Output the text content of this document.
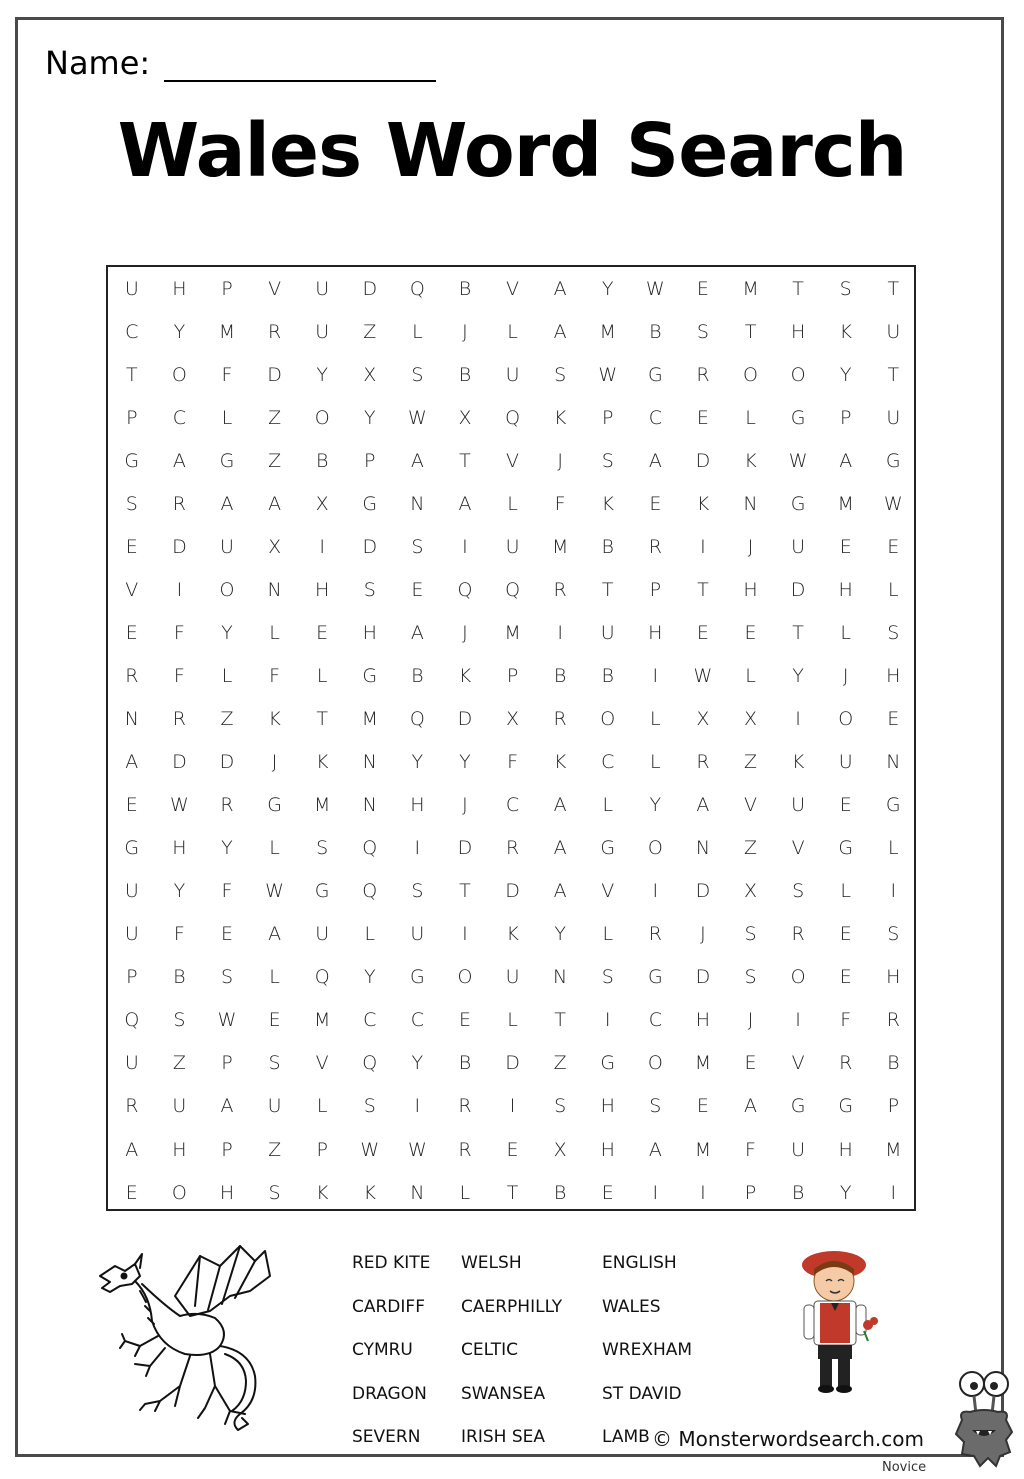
Name:
Wales Word Search
U	H	P	V	U	D	Q	B	V	A	Y	W	E	M	T	S	T
C	Y	M	R	U	Z	L	J	L	A	M	B	S	T	H	K	U
T	O	F	D	Y	X	S	B	U	S	W	G	R	O	O	Y	T
P	C	L	Z	O	Y	W	X	Q	K	P	C	E	L	G	P	U
G	A	G	Z	B	P	A	T	V	J	S	A	D	K	W	A	G
S	R	A	A	X	G	N	A	L	F	K	E	K	N	G	M	W
E	D	U	X	I	D	S	I	U	M	B	R	I	J	U	E	E
V	I	O	N	H	S	E	Q	Q	R	T	P	T	H	D	H	L
E	F	Y	L	E	H	A	J	M	I	U	H	E	E	T	L	S
R	F	L	F	L	G	B	K	P	B	B	I	W	L	Y	J	H
N	R	Z	K	T	M	Q	D	X	R	O	L	X	X	I	O	E
A	D	D	J	K	N	Y	Y	F	K	C	L	R	Z	K	U	N
E	W	R	G	M	N	H	J	C	A	L	Y	A	V	U	E	G
G	H	Y	L	S	Q	I	D	R	A	G	O	N	Z	V	G	L
U	Y	F	W	G	Q	S	T	D	A	V	I	D	X	S	L	I
U	F	E	A	U	L	U	I	K	Y	L	R	J	S	R	E	S
P	B	S	L	Q	Y	G	O	U	N	S	G	D	S	O	E	H
Q	S	W	E	M	C	C	E	L	T	I	C	H	J	I	F	R
U	Z	P	S	V	Q	Y	B	D	Z	G	O	M	E	V	R	B
R	U	A	U	L	S	I	R	I	S	H	S	E	A	G	G	P
A	H	P	Z	P	W	W	R	E	X	H	A	M	F	U	H	M
E	O	H	S	K	K	N	L	T	B	E	I	I	P	B	Y	I
RED KITE
CARDIFF
CYMRU
DRAGON
SEVERN
WELSH
CAERPHILLY
CELTIC
SWANSEA
IRISH SEA
ENGLISH
WALES
WREXHAM
ST DAVID
LAMB © Monsterwordsearch.com
Novice
